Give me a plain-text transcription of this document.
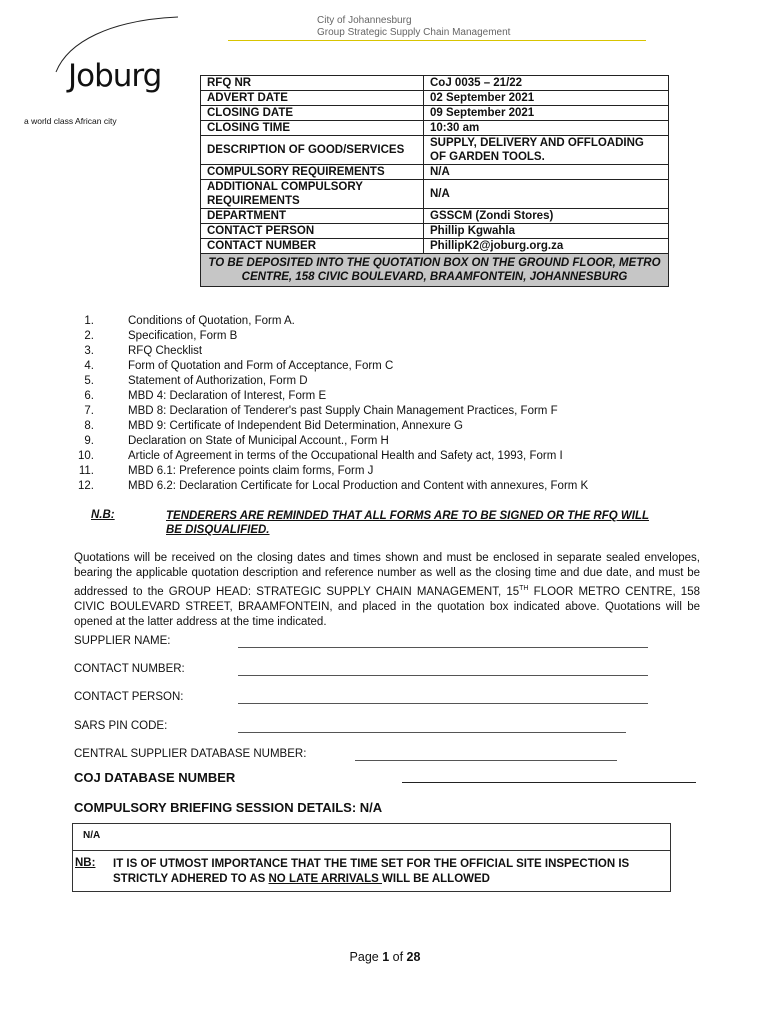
City of Johannesburg
Group Strategic Supply Chain Management
Joburg
a world class African city
RFQ NR	CoJ 0035 – 21/22
ADVERT DATE	02 September 2021
CLOSING DATE	09 September 2021
CLOSING TIME	10:30 am
DESCRIPTION OF GOOD/SERVICES	SUPPLY, DELIVERY AND OFFLOADING OF GARDEN TOOLS.
COMPULSORY REQUIREMENTS	N/A
ADDITIONAL COMPULSORY REQUIREMENTS	N/A
DEPARTMENT	GSSCM (Zondi Stores)
CONTACT PERSON	Phillip Kgwahla
CONTACT NUMBER	PhillipK2@joburg.org.za
TO BE DEPOSITED INTO THE QUOTATION BOX ON THE GROUND FLOOR, METRO CENTRE, 158 CIVIC BOULEVARD, BRAAMFONTEIN, JOHANNESBURG	
1.	Conditions of Quotation, Form A.
2.	Specification, Form B
3.	RFQ Checklist
4.	Form of Quotation and Form of Acceptance, Form C
5.	Statement of Authorization, Form D
6.	MBD 4: Declaration of Interest, Form E
7.	MBD 8: Declaration of Tenderer's past Supply Chain Management Practices, Form F
8.	MBD 9: Certificate of Independent Bid Determination, Annexure G
9.	Declaration on State of Municipal Account., Form H
10.	Article of Agreement in terms of the Occupational Health and Safety act, 1993, Form I
11.	MBD 6.1: Preference points claim forms, Form J
12.	MBD 6.2: Declaration Certificate for Local Production and Content with annexures, Form K
N.B:	TENDERERS ARE REMINDED THAT ALL FORMS ARE TO BE SIGNED OR THE RFQ WILL BE DISQUALIFIED.
Quotations will be received on the closing dates and times shown and must be enclosed in separate sealed envelopes, bearing the applicable quotation description and reference number as well as the closing time and due date, and must be addressed to the GROUP HEAD: STRATEGIC SUPPLY CHAIN MANAGEMENT, 15TH FLOOR METRO CENTRE, 158 CIVIC BOULEVARD STREET, BRAAMFONTEIN, and placed in the quotation box indicated above. Quotations will be opened at the latter address at the time indicated.
SUPPLIER NAME:
CONTACT NUMBER:
CONTACT PERSON:
SARS PIN CODE:
CENTRAL SUPPLIER DATABASE NUMBER:
COJ DATABASE NUMBER
COMPULSORY BRIEFING SESSION DETAILS: N/A
N/A
NB: IT IS OF UTMOST IMPORTANCE THAT THE TIME SET FOR THE OFFICIAL SITE INSPECTION IS STRICTLY ADHERED TO AS NO LATE ARRIVALS WILL BE ALLOWED
Page 1 of 28
